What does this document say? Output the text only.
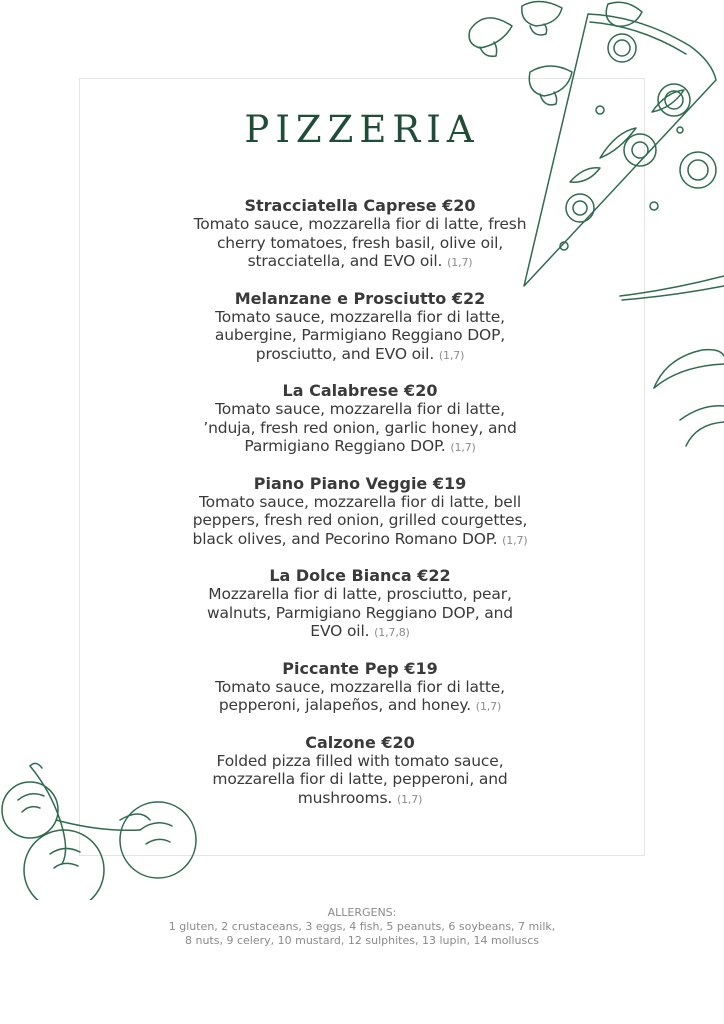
PIZZERIA
Stracciatella Caprese €20
Tomato sauce, mozzarella fior di latte, fresh cherry tomatoes, fresh basil, olive oil, stracciatella, and EVO oil. (1,7)
Melanzane e Prosciutto €22
Tomato sauce, mozzarella fior di latte, aubergine, Parmigiano Reggiano DOP, prosciutto, and EVO oil. (1,7)
La Calabrese €20
Tomato sauce, mozzarella fior di latte, ’nduja, fresh red onion, garlic honey, and Parmigiano Reggiano DOP. (1,7)
Piano Piano Veggie €19
Tomato sauce, mozzarella fior di latte, bell peppers, fresh red onion, grilled courgettes, black olives, and Pecorino Romano DOP. (1,7)
La Dolce Bianca €22
Mozzarella fior di latte, prosciutto, pear, walnuts, Parmigiano Reggiano DOP, and EVO oil. (1,7,8)
Piccante Pep €19
Tomato sauce, mozzarella fior di latte, pepperoni, jalapeños, and honey. (1,7)
Calzone €20
Folded pizza filled with tomato sauce, mozzarella fior di latte, pepperoni, and mushrooms. (1,7)
ALLERGENS:
1 gluten, 2 crustaceans, 3 eggs, 4 fish, 5 peanuts, 6 soybeans, 7 milk,
8 nuts, 9 celery, 10 mustard, 12 sulphites, 13 lupin, 14 molluscs
